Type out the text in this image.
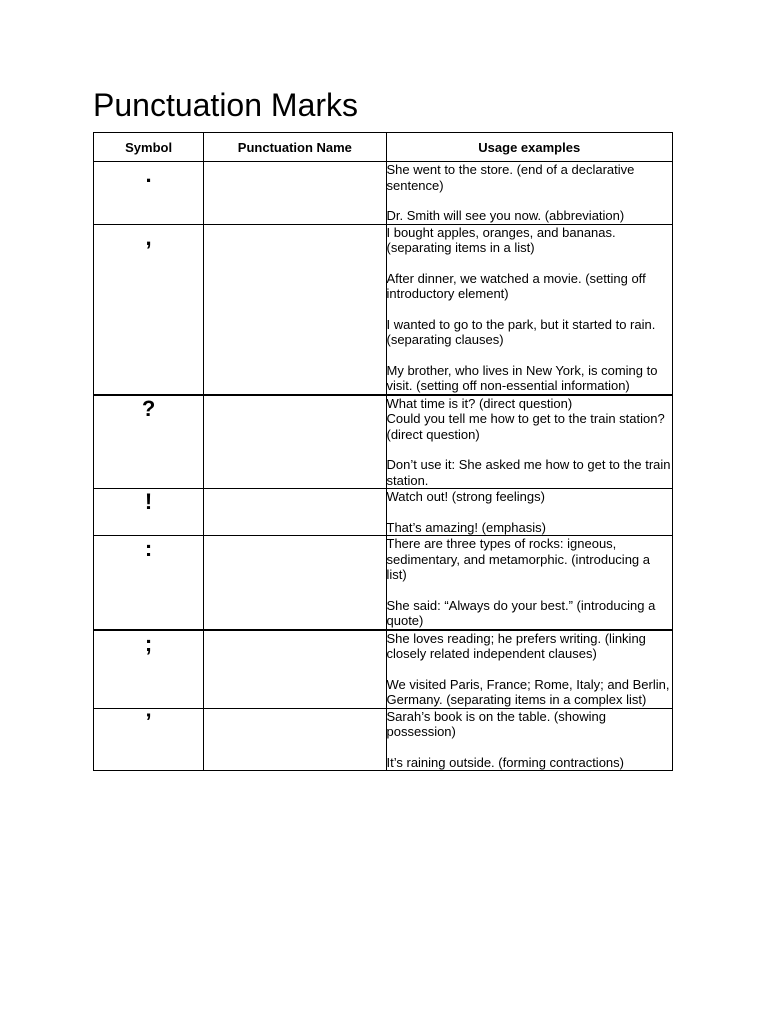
Punctuation Marks
Symbol	Punctuation Name	Usage examples
.		She went to the store. (end of a declarative sentence)

Dr. Smith will see you now. (abbreviation)

,		I bought apples, oranges, and bananas. (separating items in a list)

After dinner, we watched a movie. (setting off introductory element)

I wanted to go to the park, but it started to rain. (separating clauses)

My brother, who lives in New York, is coming to visit. (setting off non-essential information)

?		What time is it? (direct question)
Could you tell me how to get to the train station? (direct question)

Don’t use it: She asked me how to get to the train station.

!		Watch out! (strong feelings)

That’s amazing! (emphasis)

:		There are three types of rocks: igneous, sedimentary, and metamorphic. (introducing a list)

She said: “Always do your best.” (introducing a quote)

;		She loves reading; he prefers writing. (linking closely related independent clauses)

We visited Paris, France; Rome, Italy; and Berlin, Germany. (separating items in a complex list)

’		Sarah’s book is on the table. (showing possession)

It’s raining outside. (forming contractions)
